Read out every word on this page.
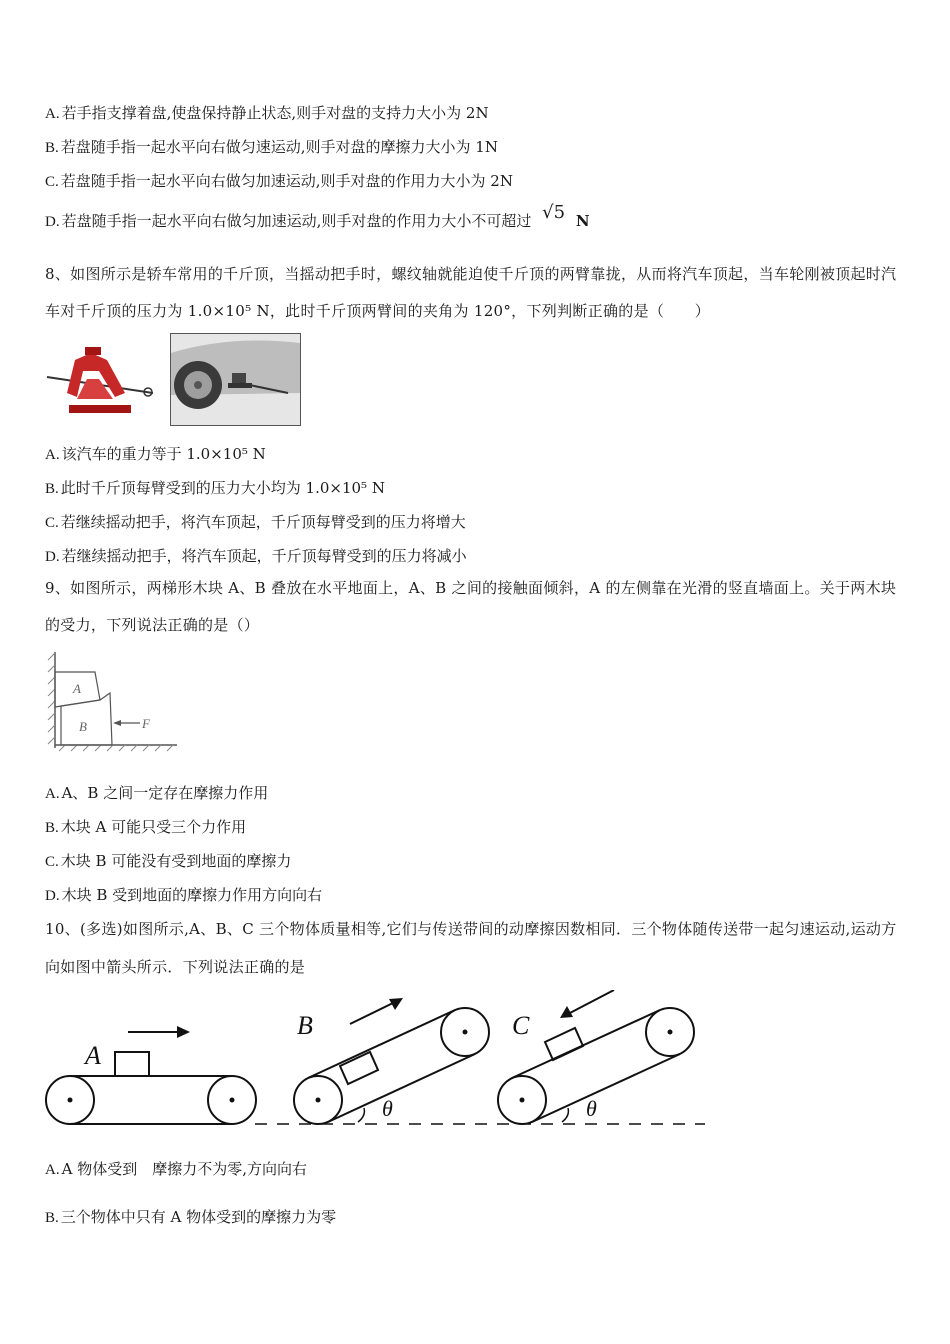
A. 若手指支撑着盘,使盘保持静止状态,则手对盘的支持力大小为 2N
B. 若盘随手指一起水平向右做匀速运动,则手对盘的摩擦力大小为 1N
C. 若盘随手指一起水平向右做匀加速运动,则手对盘的作用力大小为 2N
D. 若盘随手指一起水平向右做匀加速运动,则手对盘的作用力大小不可超过 √5 N
8、如图所示是轿车常用的千斤顶，当摇动把手时，螺纹轴就能迫使千斤顶的两臂靠拢，从而将汽车顶起，当车轮刚被顶起时汽车对千斤顶的压力为 1.0×10⁵ N，此时千斤顶两臂间的夹角为 120°，下列判断正确的是（　　）
A. 该汽车的重力等于 1.0×10⁵ N
B. 此时千斤顶每臂受到的压力大小均为 1.0×10⁵ N
C. 若继续摇动把手，将汽车顶起，千斤顶每臂受到的压力将增大
D. 若继续摇动把手，将汽车顶起，千斤顶每臂受到的压力将减小
9、如图所示，两梯形木块 A、B 叠放在水平地面上，A、B 之间的接触面倾斜，A 的左侧靠在光滑的竖直墙面上。关于两木块的受力，下列说法正确的是（）
A
B	F
A. A、B 之间一定存在摩擦力作用
B. 木块 A 可能只受三个力作用
C. 木块 B 可能没有受到地面的摩擦力
D. 木块 B 受到地面的摩擦力作用方向向右
10、(多选)如图所示,A、B、C 三个物体质量相等,它们与传送带间的动摩擦因数相同．三个物体随传送带一起匀速运动,运动方向如图中箭头所示．下列说法正确的是
A
B
θ
C
θ
A. A 物体受到　摩擦力不为零,方向向右
B. 三个物体中只有 A 物体受到的摩擦力为零
